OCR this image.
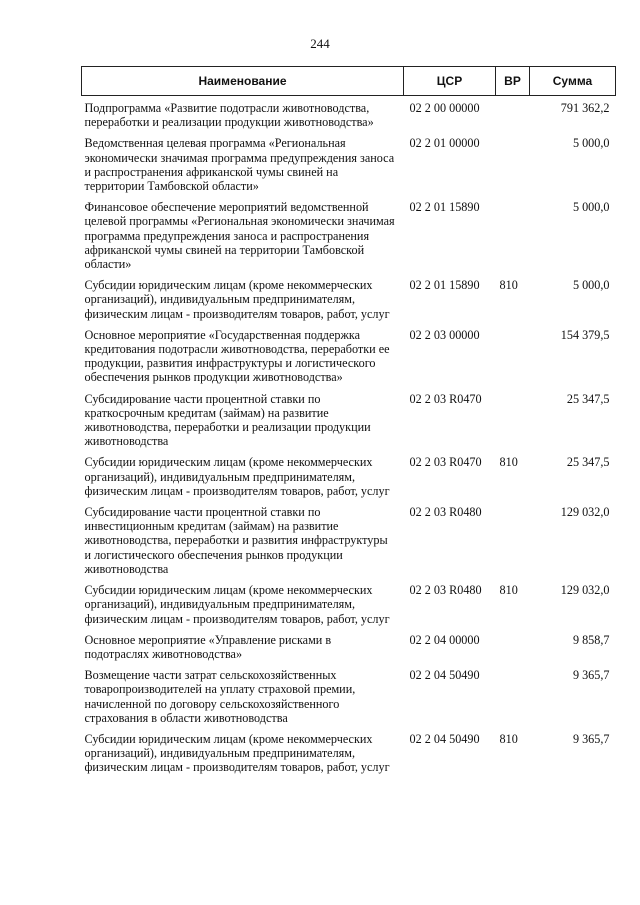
244
Наименование	ЦСР	ВР	Сумма

Подпрограмма «Развитие подотрасли животноводства, переработки и реализации продукции животноводства»	02 2 00 00000		791 362,2
Ведомственная целевая программа «Региональная экономически значимая программа предупреждения заноса и распространения африканской чумы свиней на территории Тамбовской области»	02 2 01 00000		5 000,0
Финансовое обеспечение мероприятий ведомственной целевой программы «Региональная экономически значимая программа предупреждения заноса и распространения африканской чумы свиней на территории Тамбовской области»	02 2 01 15890		5 000,0
Субсидии юридическим лицам (кроме некоммерческих организаций), индивидуальным предпринимателям, физическим лицам - производителям товаров, работ, услуг	02 2 01 15890	810	5 000,0
Основное мероприятие «Государственная поддержка кредитования подотрасли животноводства, переработки ее продукции, развития инфраструктуры и логистического обеспечения рынков продукции животноводства»	02 2 03 00000		154 379,5
Субсидирование части процентной ставки по краткосрочным кредитам (займам) на развитие животноводства, переработки и реализации продукции животноводства	02 2 03 R0470		25 347,5
Субсидии юридическим лицам (кроме некоммерческих организаций), индивидуальным предпринимателям, физическим лицам - производителям товаров, работ, услуг	02 2 03 R0470	810	25 347,5
Субсидирование части процентной ставки по инвестиционным кредитам (займам) на развитие животноводства, переработки и развития инфраструктуры и логистического обеспечения рынков продукции животноводства	02 2 03 R0480		129 032,0
Субсидии юридическим лицам (кроме некоммерческих организаций), индивидуальным предпринимателям, физическим лицам - производителям товаров, работ, услуг	02 2 03 R0480	810	129 032,0
Основное мероприятие «Управление рисками в подотраслях животноводства»	02 2 04 00000		9 858,7
Возмещение части затрат сельскохозяйственных товаропроизводителей на уплату страховой премии, начисленной по договору сельскохозяйственного страхования в области животноводства	02 2 04 50490		9 365,7
Субсидии юридическим лицам (кроме некоммерческих организаций), индивидуальным предпринимателям, физическим лицам - производителям товаров, работ, услуг	02 2 04 50490	810	9 365,7
